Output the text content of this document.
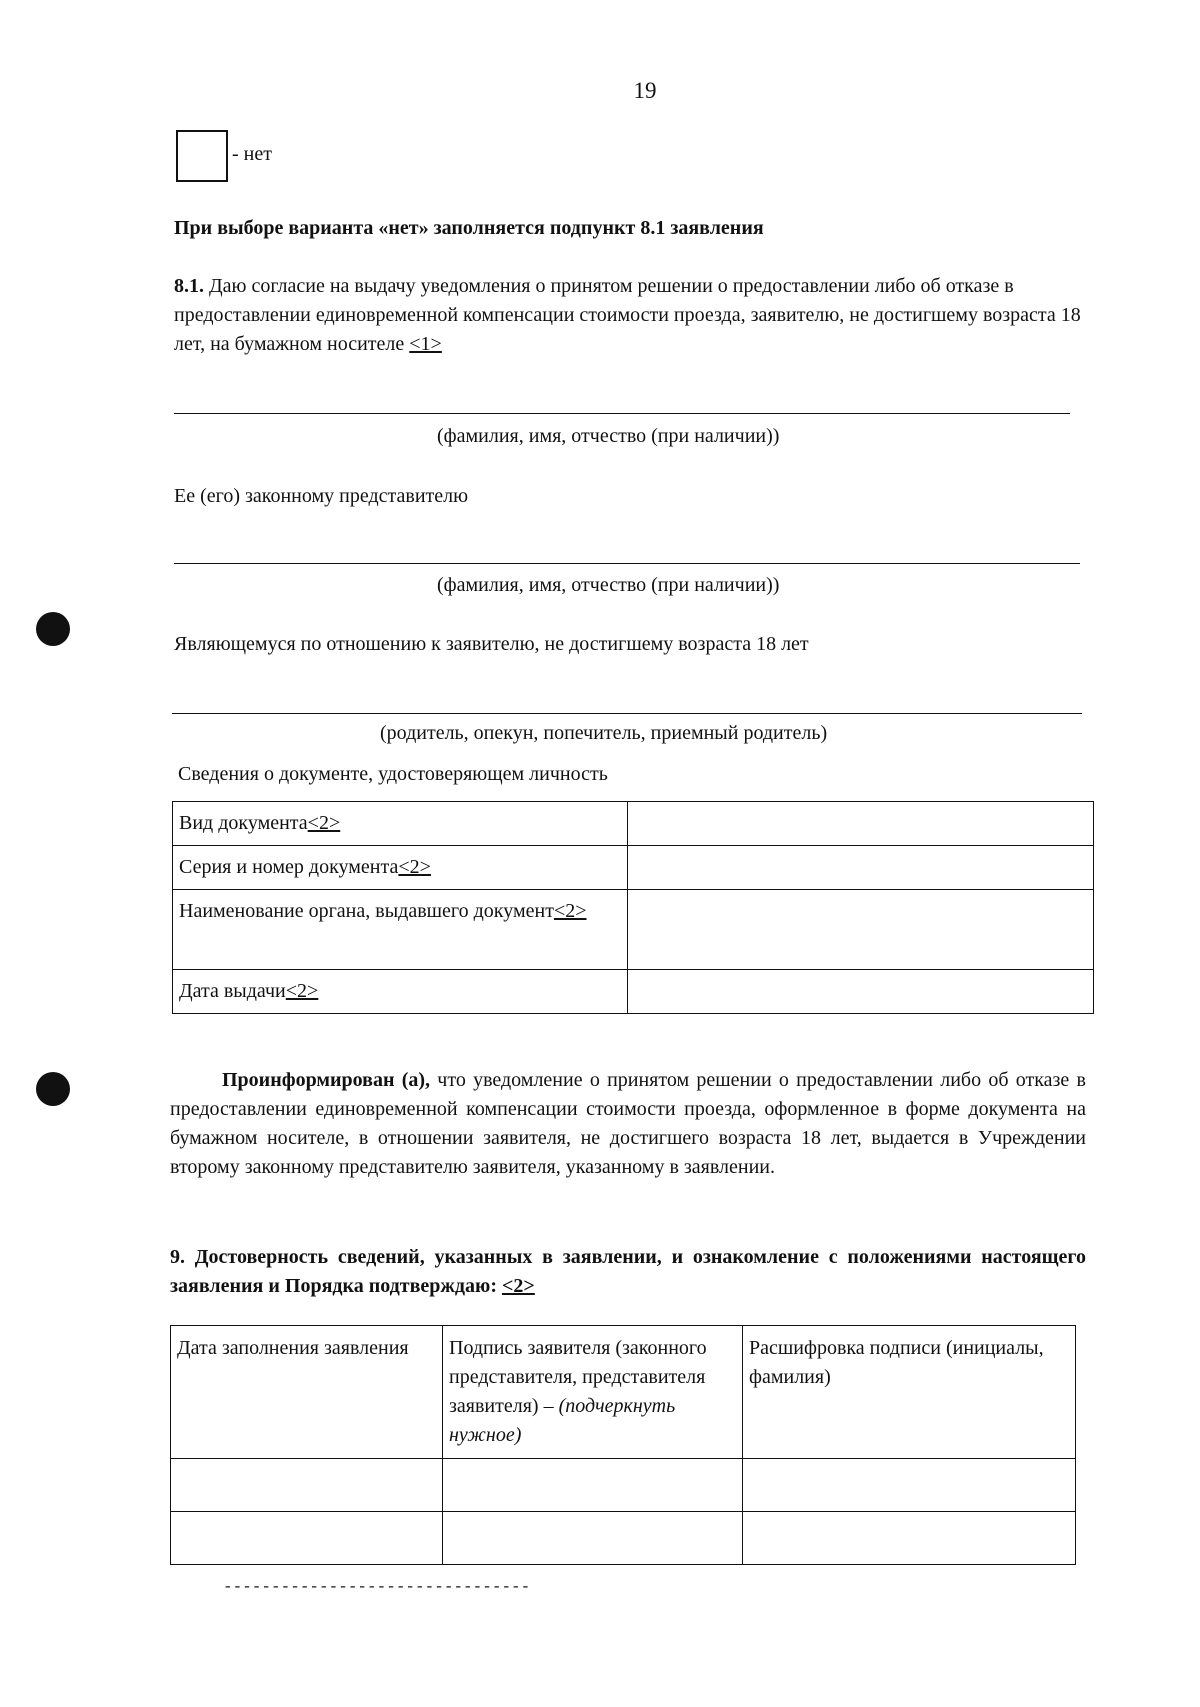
19
- нет
При выборе варианта «нет» заполняется подпункт 8.1 заявления
8.1. Даю согласие на выдачу уведомления о принятом решении о предоставлении либо об отказе в предоставлении единовременной компенсации стоимости проезда, заявителю, не достигшему возраста 18 лет, на бумажном носителе <1>
(фамилия, имя, отчество (при наличии))
Ее (его) законному представителю
(фамилия, имя, отчество (при наличии))
Являющемуся по отношению к заявителю, не достигшему возраста 18 лет
(родитель, опекун, попечитель, приемный родитель)
Сведения о документе, удостоверяющем личность
Вид документа<2>	
Серия и номер документа<2>	
Наименование органа, выдавшего документ<2>	
Дата выдачи<2>	
Проинформирован (а), что уведомление о принятом решении о предоставлении либо об отказе в предоставлении единовременной компенсации стоимости проезда, оформленное в форме документа на бумажном носителе, в отношении заявителя, не достигшего возраста 18 лет, выдается в Учреждении второму законному представителю заявителя, указанному в заявлении.
9. Достоверность сведений, указанных в заявлении, и ознакомление с положениями настоящего заявления и Порядка подтверждаю: <2>
Дата заполнения заявления	Подпись заявителя (законного представителя, представителя заявителя) – (подчеркнуть нужное)	Расшифровка подписи (инициалы, фамилия)

--------------------------------
